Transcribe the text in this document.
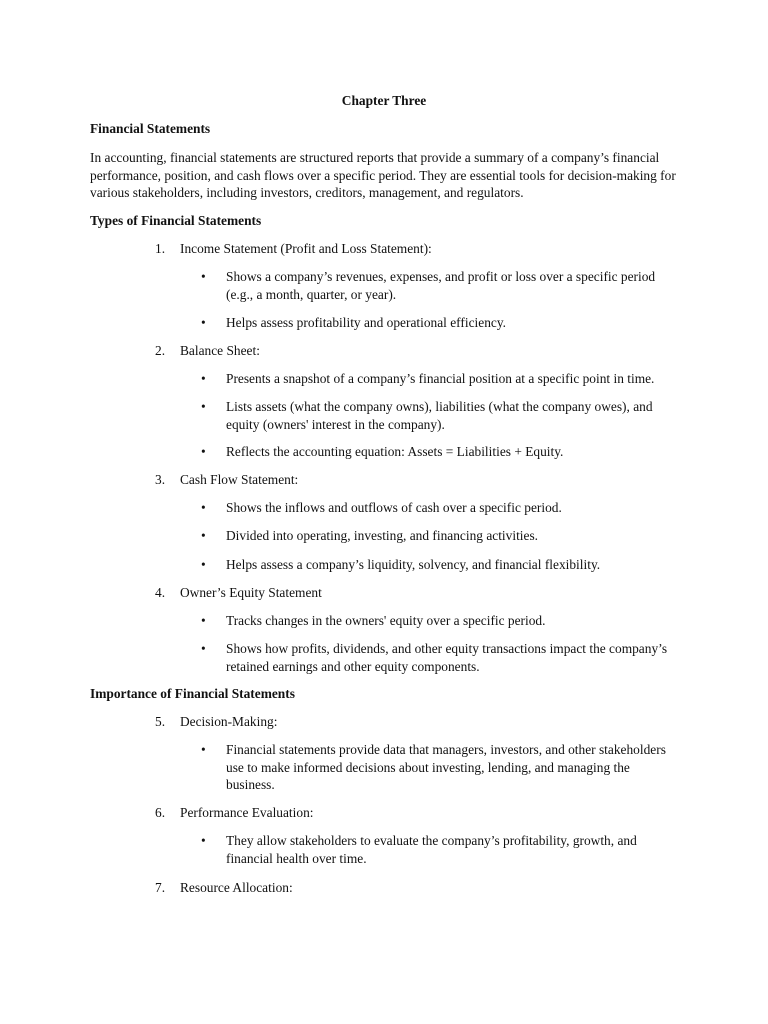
Chapter Three
Financial Statements
In accounting, financial statements are structured reports that provide a summary of a company’s financial performance, position, and cash flows over a specific period. They are essential tools for decision-making for various stakeholders, including investors, creditors, management, and regulators.
Types of Financial Statements
1. Income Statement (Profit and Loss Statement):
• Shows a company’s revenues, expenses, and profit or loss over a specific period (e.g., a month, quarter, or year).
• Helps assess profitability and operational efficiency.
2. Balance Sheet:
• Presents a snapshot of a company’s financial position at a specific point in time.
• Lists assets (what the company owns), liabilities (what the company owes), and equity (owners' interest in the company).
• Reflects the accounting equation: Assets = Liabilities + Equity.
3. Cash Flow Statement:
• Shows the inflows and outflows of cash over a specific period.
• Divided into operating, investing, and financing activities.
• Helps assess a company’s liquidity, solvency, and financial flexibility.
4. Owner’s Equity Statement
• Tracks changes in the owners' equity over a specific period.
• Shows how profits, dividends, and other equity transactions impact the company’s retained earnings and other equity components.
Importance of Financial Statements
5. Decision-Making:
• Financial statements provide data that managers, investors, and other stakeholders use to make informed decisions about investing, lending, and managing the business.
6. Performance Evaluation:
• They allow stakeholders to evaluate the company’s profitability, growth, and financial health over time.
7. Resource Allocation:
